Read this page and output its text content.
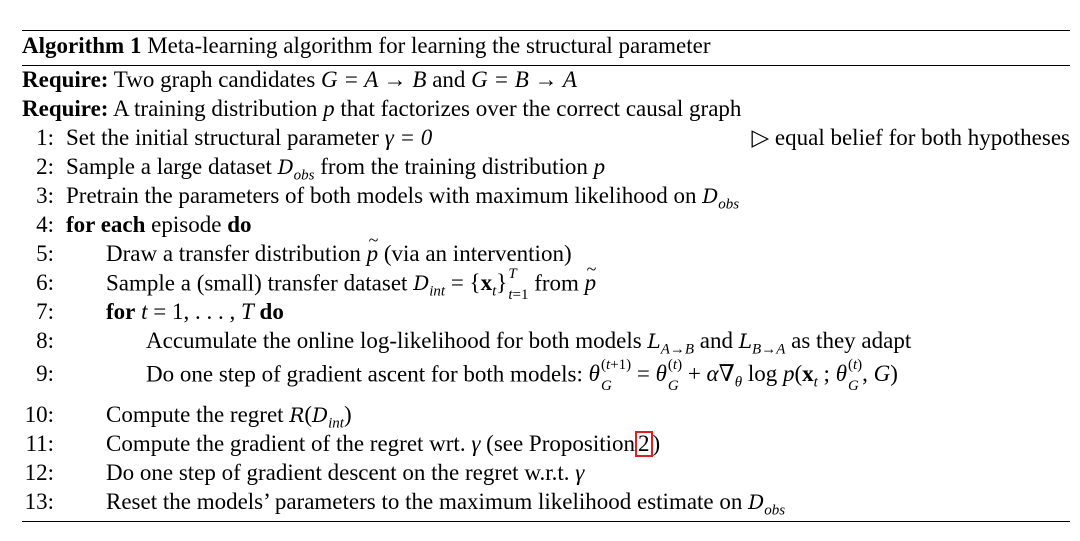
Algorithm 1 Meta-learning algorithm for learning the structural parameter
Require: Two graph candidates G = A → B and G = B → A
Require: A training distribution p that factorizes over the correct causal graph
1: Set the initial structural parameter γ = 0	▷ equal belief for both hypotheses
2: Sample a large dataset $D_{obs}$ from the training distribution p
3: Pretrain the parameters of both models with maximum likelihood on $D_{obs}$
4: for each episode do
5: Draw a transfer distribution ~ p (via an intervention)
6: Sample a (small) transfer dataset $D_{int} = \{x_t\}$ T
t=1 from ~ p
7: for t = 1, . . . , T do
8:	Accumulate the online log-likelihood for both models $L_{A\to B}$ and $L_{B\to A}$ as they adapt
9:	Do one step of gradient ascent for both models: θ (t+1)
G = θ (t)
$G + \alpha\nabla_\theta$ $\log p(x_t$ ; θ (t)
G , G)
10: Compute the regret $R(D_{int})$
11: Compute the gradient of the regret wrt. γ (see Proposition 2 )
12: Do one step of gradient descent on the regret w.r.t. γ
13: Reset the models’ parameters to the maximum likelihood estimate on $D_{obs}$
